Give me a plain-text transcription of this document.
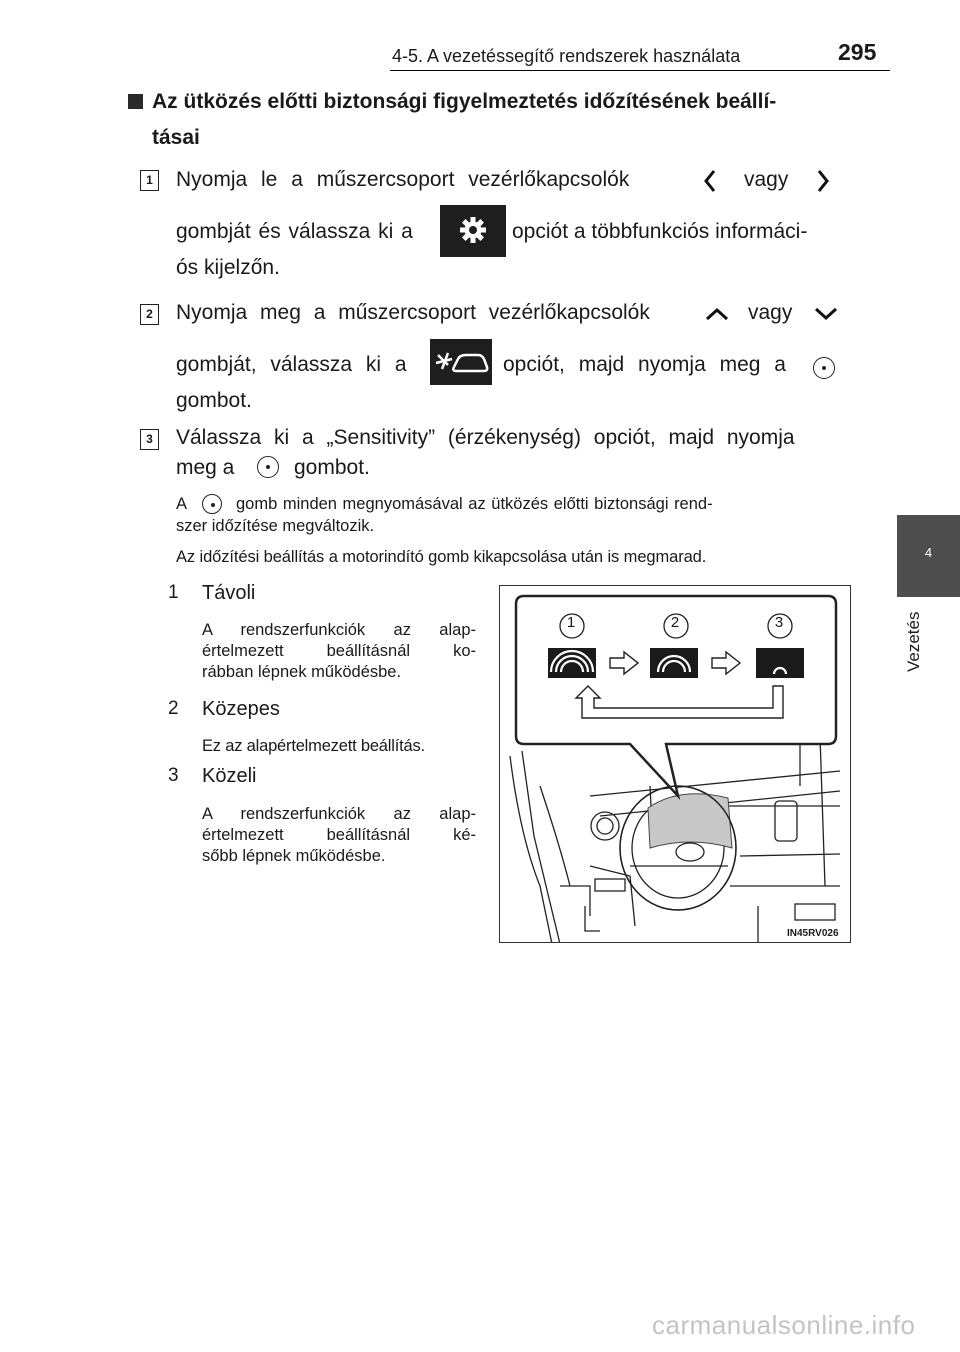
4-5. A vezetéssegítő rendszerek használata	295
4
Vezetés
Az ütközés előtti biztonsági figyelmeztetés időzítésének beállí-
tásai
1 Nyomja le a műszercsoport vezérlőkapcsolók	vagy
gombját és válassza ki a	opciót a többfunkciós informáci-
ós kijelzőn.
2 Nyomja meg a műszercsoport vezérlőkapcsolók	vagy
gombját, válassza ki a	opciót, majd nyomja meg a
gombot.
3 Válassza ki a „Sensitivity” (érzékenység) opciót, majd nyomja
meg a	gombot.
A	gomb minden megnyomásával az ütközés előtti biztonsági rend-
szer időzítése megváltozik.
Az időzítési beállítás a motorindító gomb kikapcsolása után is megmarad.
1 Távoli
A rendszerfunkciók az alap-
értelmezett beállításnál ko-
rábban lépnek működésbe.
2 Közepes
Ez az alapértelmezett beállítás.
3 Közeli
A rendszerfunkciók az alap-
értelmezett beállításnál ké-
sőbb lépnek működésbe.
1	2	3
IN45RV026
carmanualsonline.info
